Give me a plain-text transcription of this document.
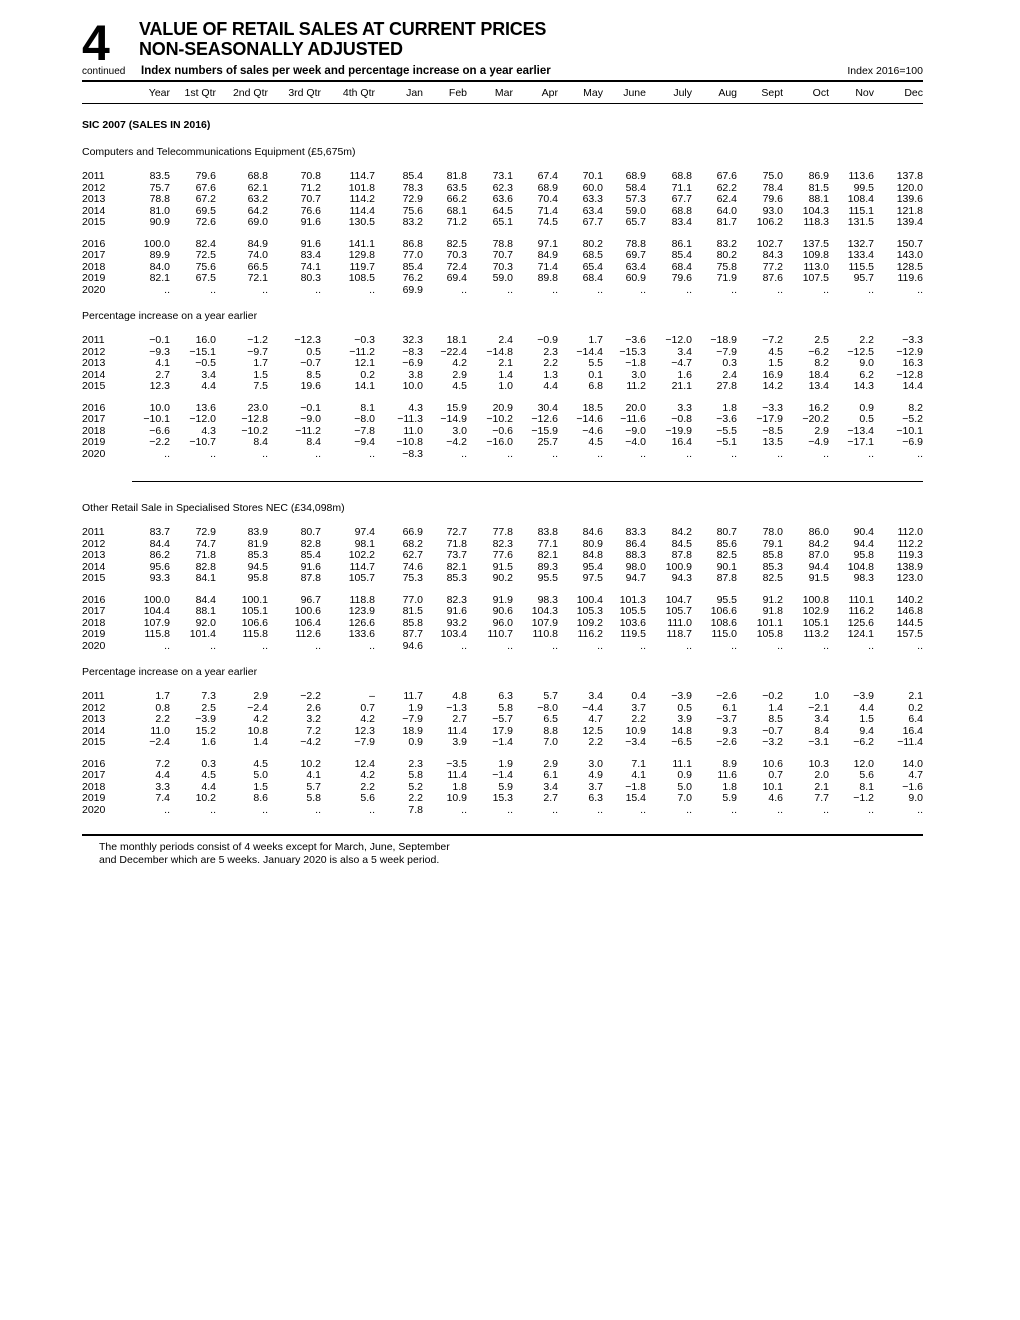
4 VALUE OF RETAIL SALES AT CURRENT PRICES
NON-SEASONALLY ADJUSTED
continued Index numbers of sales per week and percentage increase on a year earlier	Index 2016=100
	Year	1st Qtr	2nd Qtr	3rd Qtr	4th Qtr	Jan	Feb	Mar	Apr	May	June	July	Aug	Sept	Oct	Nov	Dec
SIC 2007 (SALES IN 2016)
Computers and Telecommunications Equipment (£5,675m)
2011	83.5	79.6	68.8	70.8	114.7	85.4	81.8	73.1	67.4	70.1	68.9	68.8	67.6	75.0	86.9	113.6	137.8
2012	75.7	67.6	62.1	71.2	101.8	78.3	63.5	62.3	68.9	60.0	58.4	71.1	62.2	78.4	81.5	99.5	120.0
2013	78.8	67.2	63.2	70.7	114.2	72.9	66.2	63.6	70.4	63.3	57.3	67.7	62.4	79.6	88.1	108.4	139.6
2014	81.0	69.5	64.2	76.6	114.4	75.6	68.1	64.5	71.4	63.4	59.0	68.8	64.0	93.0	104.3	115.1	121.8
2015	90.9	72.6	69.0	91.6	130.5	83.2	71.2	65.1	74.5	67.7	65.7	83.4	81.7	106.2	118.3	131.5	139.4

2016	100.0	82.4	84.9	91.6	141.1	86.8	82.5	78.8	97.1	80.2	78.8	86.1	83.2	102.7	137.5	132.7	150.7
2017	89.9	72.5	74.0	83.4	129.8	77.0	70.3	70.7	84.9	68.5	69.7	85.4	80.2	84.3	109.8	133.4	143.0
2018	84.0	75.6	66.5	74.1	119.7	85.4	72.4	70.3	71.4	65.4	63.4	68.4	75.8	77.2	113.0	115.5	128.5
2019	82.1	67.5	72.1	80.3	108.5	76.2	69.4	59.0	89.8	68.4	60.9	79.6	71.9	87.6	107.5	95.7	119.6
2020	..	..	..	..	..	69.9	..	..	..	..	..	..	..	..	..	..	..
Percentage increase on a year earlier
2011	−0.1	16.0	−1.2	−12.3	−0.3	32.3	18.1	2.4	−0.9	1.7	−3.6	−12.0	−18.9	−7.2	2.5	2.2	−3.3
2012	−9.3	−15.1	−9.7	0.5	−11.2	−8.3	−22.4	−14.8	2.3	−14.4	−15.3	3.4	−7.9	4.5	−6.2	−12.5	−12.9
2013	4.1	−0.5	1.7	−0.7	12.1	−6.9	4.2	2.1	2.2	5.5	−1.8	−4.7	0.3	1.5	8.2	9.0	16.3
2014	2.7	3.4	1.5	8.5	0.2	3.8	2.9	1.4	1.3	0.1	3.0	1.6	2.4	16.9	18.4	6.2	−12.8
2015	12.3	4.4	7.5	19.6	14.1	10.0	4.5	1.0	4.4	6.8	11.2	21.1	27.8	14.2	13.4	14.3	14.4

2016	10.0	13.6	23.0	−0.1	8.1	4.3	15.9	20.9	30.4	18.5	20.0	3.3	1.8	−3.3	16.2	0.9	8.2
2017	−10.1	−12.0	−12.8	−9.0	−8.0	−11.3	−14.9	−10.2	−12.6	−14.6	−11.6	−0.8	−3.6	−17.9	−20.2	0.5	−5.2
2018	−6.6	4.3	−10.2	−11.2	−7.8	11.0	3.0	−0.6	−15.9	−4.6	−9.0	−19.9	−5.5	−8.5	2.9	−13.4	−10.1
2019	−2.2	−10.7	8.4	8.4	−9.4	−10.8	−4.2	−16.0	25.7	4.5	−4.0	16.4	−5.1	13.5	−4.9	−17.1	−6.9
2020	..	..	..	..	..	−8.3	..	..	..	..	..	..	..	..	..	..	..
Other Retail Sale in Specialised Stores NEC (£34,098m)
2011	83.7	72.9	83.9	80.7	97.4	66.9	72.7	77.8	83.8	84.6	83.3	84.2	80.7	78.0	86.0	90.4	112.0
2012	84.4	74.7	81.9	82.8	98.1	68.2	71.8	82.3	77.1	80.9	86.4	84.5	85.6	79.1	84.2	94.4	112.2
2013	86.2	71.8	85.3	85.4	102.2	62.7	73.7	77.6	82.1	84.8	88.3	87.8	82.5	85.8	87.0	95.8	119.3
2014	95.6	82.8	94.5	91.6	114.7	74.6	82.1	91.5	89.3	95.4	98.0	100.9	90.1	85.3	94.4	104.8	138.9
2015	93.3	84.1	95.8	87.8	105.7	75.3	85.3	90.2	95.5	97.5	94.7	94.3	87.8	82.5	91.5	98.3	123.0

2016	100.0	84.4	100.1	96.7	118.8	77.0	82.3	91.9	98.3	100.4	101.3	104.7	95.5	91.2	100.8	110.1	140.2
2017	104.4	88.1	105.1	100.6	123.9	81.5	91.6	90.6	104.3	105.3	105.5	105.7	106.6	91.8	102.9	116.2	146.8
2018	107.9	92.0	106.6	106.4	126.6	85.8	93.2	96.0	107.9	109.2	103.6	111.0	108.6	101.1	105.1	125.6	144.5
2019	115.8	101.4	115.8	112.6	133.6	87.7	103.4	110.7	110.8	116.2	119.5	118.7	115.0	105.8	113.2	124.1	157.5
2020	..	..	..	..	..	94.6	..	..	..	..	..	..	..	..	..	..	..
Percentage increase on a year earlier
2011	1.7	7.3	2.9	−2.2	–	11.7	4.8	6.3	5.7	3.4	0.4	−3.9	−2.6	−0.2	1.0	−3.9	2.1
2012	0.8	2.5	−2.4	2.6	0.7	1.9	−1.3	5.8	−8.0	−4.4	3.7	0.5	6.1	1.4	−2.1	4.4	0.2
2013	2.2	−3.9	4.2	3.2	4.2	−7.9	2.7	−5.7	6.5	4.7	2.2	3.9	−3.7	8.5	3.4	1.5	6.4
2014	11.0	15.2	10.8	7.2	12.3	18.9	11.4	17.9	8.8	12.5	10.9	14.8	9.3	−0.7	8.4	9.4	16.4
2015	−2.4	1.6	1.4	−4.2	−7.9	0.9	3.9	−1.4	7.0	2.2	−3.4	−6.5	−2.6	−3.2	−3.1	−6.2	−11.4

2016	7.2	0.3	4.5	10.2	12.4	2.3	−3.5	1.9	2.9	3.0	7.1	11.1	8.9	10.6	10.3	12.0	14.0
2017	4.4	4.5	5.0	4.1	4.2	5.8	11.4	−1.4	6.1	4.9	4.1	0.9	11.6	0.7	2.0	5.6	4.7
2018	3.3	4.4	1.5	5.7	2.2	5.2	1.8	5.9	3.4	3.7	−1.8	5.0	1.8	10.1	2.1	8.1	−1.6
2019	7.4	10.2	8.6	5.8	5.6	2.2	10.9	15.3	2.7	6.3	15.4	7.0	5.9	4.6	7.7	−1.2	9.0
2020	..	..	..	..	..	7.8	..	..	..	..	..	..	..	..	..	..	..
The monthly periods consist of 4 weeks except for March, June, September
and December which are 5 weeks. January 2020 is also a 5 week period.
